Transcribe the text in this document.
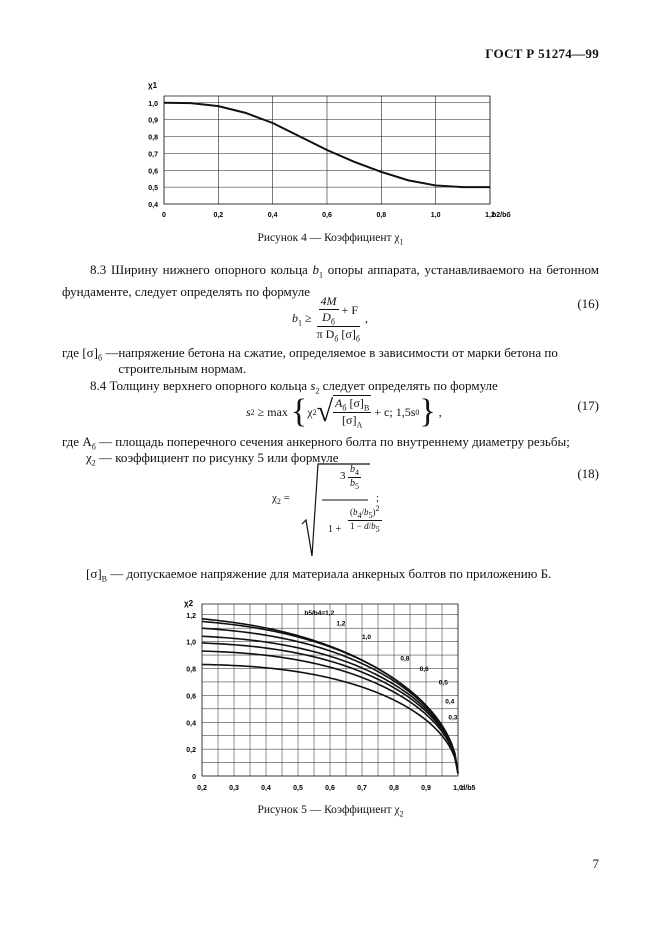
ГОСТ Р 51274—99
0	0,2	0,4	0,6	0,8	1,0	1,2
0,4
0,5
0,6
0,7
0,8
0,9
1,0
χ1
b2/bб
Рисунок 4 — Коэффициент $\chi_1$
8.3 Ширину нижнего опорного кольца $b_1$ опоры аппарата, устанавливаемого на бетонном фундаменте, следует определять по формуле
$b_1 \ge \frac{4M}{D_б}$
+ F
π $D_б$ $[\sigma]_б$
,
(16)
где $[\sigma]_б$ — напряжение бетона на сжатие, определяемое в зависимости от марки бетона по строительным нормам.
8.4 Толщину верхнего опорного кольца $s_2$ следует определять по формуле
s 2
≥ max
{ χ 2 √ $\frac{A_б [\sigma]_B}{[\sigma]_A}$
+ c; 1,5s 0 }
,	(17)
где $A_б$ — площадь поперечного сечения анкерного болта по внутреннему диаметру резьбы;
$\chi_2$ — коэффициент по рисунку 5 или формуле
$\chi_2$ =
$3 \frac{b_4}{b_5}$
$1 + \frac{(b_4/b_5)^2}{1 - d/b_5}$
;
(18)
$[\sigma]_B$ — допускаемое напряжение для материала анкерных болтов по приложению Б.
0,2	0,3	0,4	0,5	0,6	0,7	0,8	0,9	1,0
0
0,2
0,4
0,6
0,8
1,0
1,2	b5/b4=1,2
1,2
1,0
0,8
0,6
0,5
0,4
0,3
χ2
d/b5
Рисунок 5 — Коэффициент $\chi_2$
7
